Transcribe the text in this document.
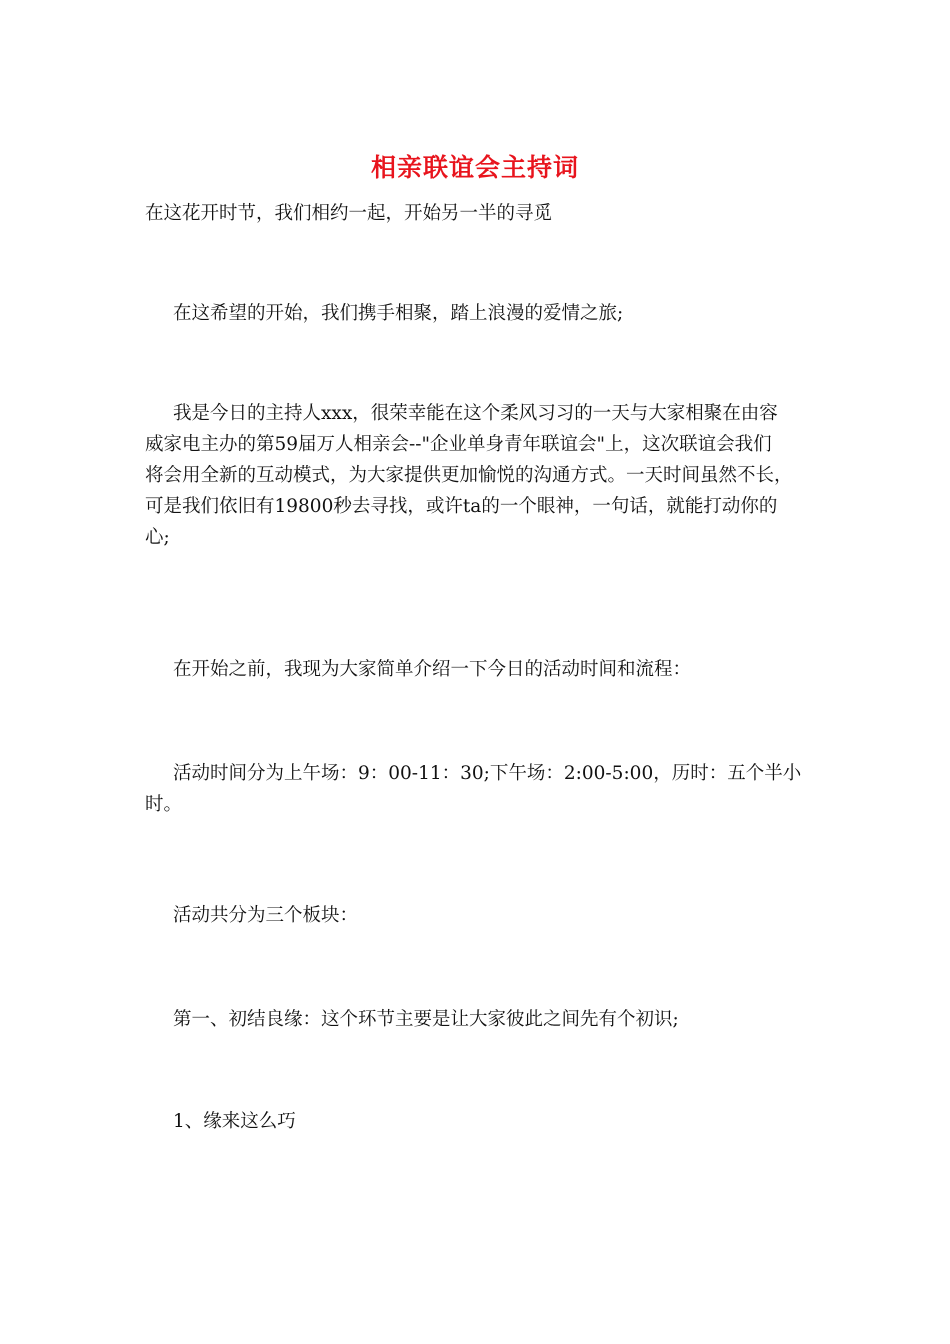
相亲联谊会主持词
在这花开时节，我们相约一起，开始另一半的寻觅
在这希望的开始，我们携手相聚，踏上浪漫的爱情之旅;
我是今日的主持人xxx，很荣幸能在这个柔风习习的一天与大家相聚在由容
威家电主办的第59届万人相亲会--"企业单身青年联谊会"上，这次联谊会我们
将会用全新的互动模式，为大家提供更加愉悦的沟通方式。一天时间虽然不长，
可是我们依旧有19800秒去寻找，或许ta的一个眼神，一句话，就能打动你的
心;
在开始之前，我现为大家简单介绍一下今日的活动时间和流程：
活动时间分为上午场：9：00-11：30;下午场：2:00-5:00，历时：五个半小
时。
活动共分为三个板块：
第一、初结良缘：这个环节主要是让大家彼此之间先有个初识;
1、缘来这么巧
